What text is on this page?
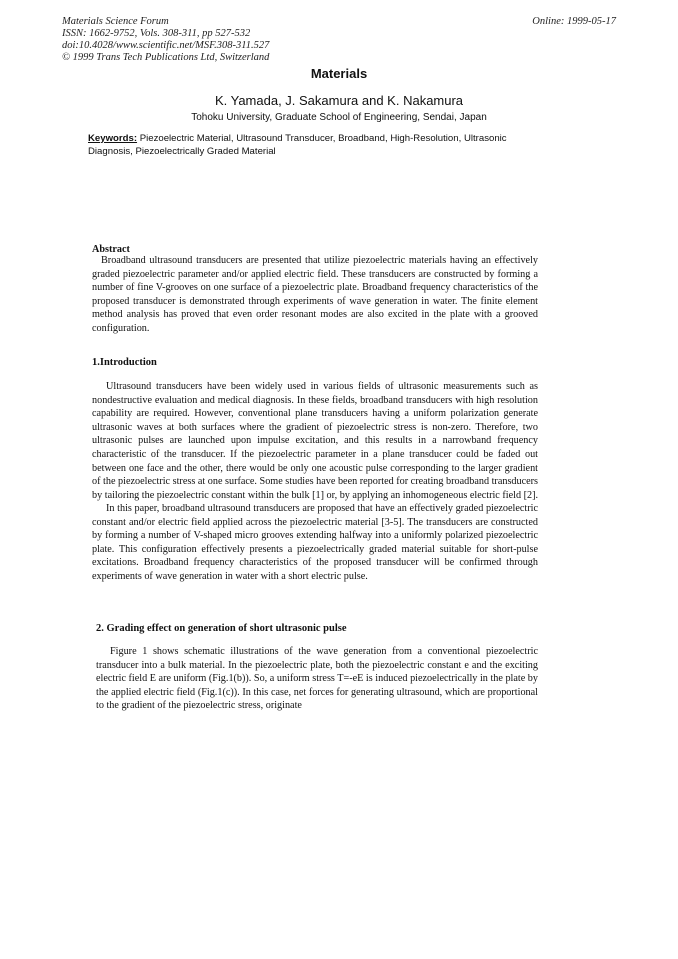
Materials Science Forum
ISSN: 1662-9752, Vols. 308-311, pp 527-532
doi:10.4028/www.scientific.net/MSF.308-311.527
© 1999 Trans Tech Publications Ltd, Switzerland
Online: 1999-05-17
Materials
K. Yamada, J. Sakamura and K. Nakamura
Tohoku University, Graduate School of Engineering, Sendai, Japan
Keywords: Piezoelectric Material, Ultrasound Transducer, Broadband, High-Resolution, Ultrasonic Diagnosis, Piezoelectrically Graded Material
Abstract
Broadband ultrasound transducers are presented that utilize piezoelectric materials having an effectively graded piezoelectric parameter and/or applied electric field. These transducers are constructed by forming a number of fine V-grooves on one surface of a piezoelectric plate. Broadband frequency characteristics of the proposed transducer is demonstrated through experiments of wave generation in water. The finite element method analysis has proved that even order resonant modes are also excited in the plate with a grooved configuration.
1.Introduction
Ultrasound transducers have been widely used in various fields of ultrasonic measurements such as nondestructive evaluation and medical diagnosis. In these fields, broadband transducers with high resolution capability are required. However, conventional plane transducers having a uniform polarization generate ultrasonic waves at both surfaces where the gradient of piezoelectric stress is non-zero. Therefore, two ultrasonic pulses are launched upon impulse excitation, and this results in a narrowband frequency characteristic of the transducer. If the piezoelectric parameter in a plane transducer could be faded out between one face and the other, there would be only one acoustic pulse corresponding to the larger gradient of the piezoelectric stress at one surface. Some studies have been reported for creating broadband transducers by tailoring the piezoelectric constant within the bulk [1] or, by applying an inhomogeneous electric field [2].
In this paper, broadband ultrasound transducers are proposed that have an effectively graded piezoelectric constant and/or electric field applied across the piezoelectric material [3-5]. The transducers are constructed by forming a number of V-shaped micro grooves extending halfway into a uniformly polarized piezoelectric plate. This configuration effectively presents a piezoelectrically graded material suitable for short-pulse excitations. Broadband frequency characteristics of the proposed transducer will be confirmed through experiments of wave generation in water with a short electric pulse.
2. Grading effect on generation of short ultrasonic pulse
Figure 1 shows schematic illustrations of the wave generation from a conventional piezoelectric transducer into a bulk material. In the piezoelectric plate, both the piezoelectric constant e and the exciting electric field E are uniform (Fig.1(b)). So, a uniform stress T=-eE is induced piezoelectrically in the plate by the applied electric field (Fig.1(c)). In this case, net forces for generating ultrasound, which are proportional to the gradient of the piezoelectric stress, originate
